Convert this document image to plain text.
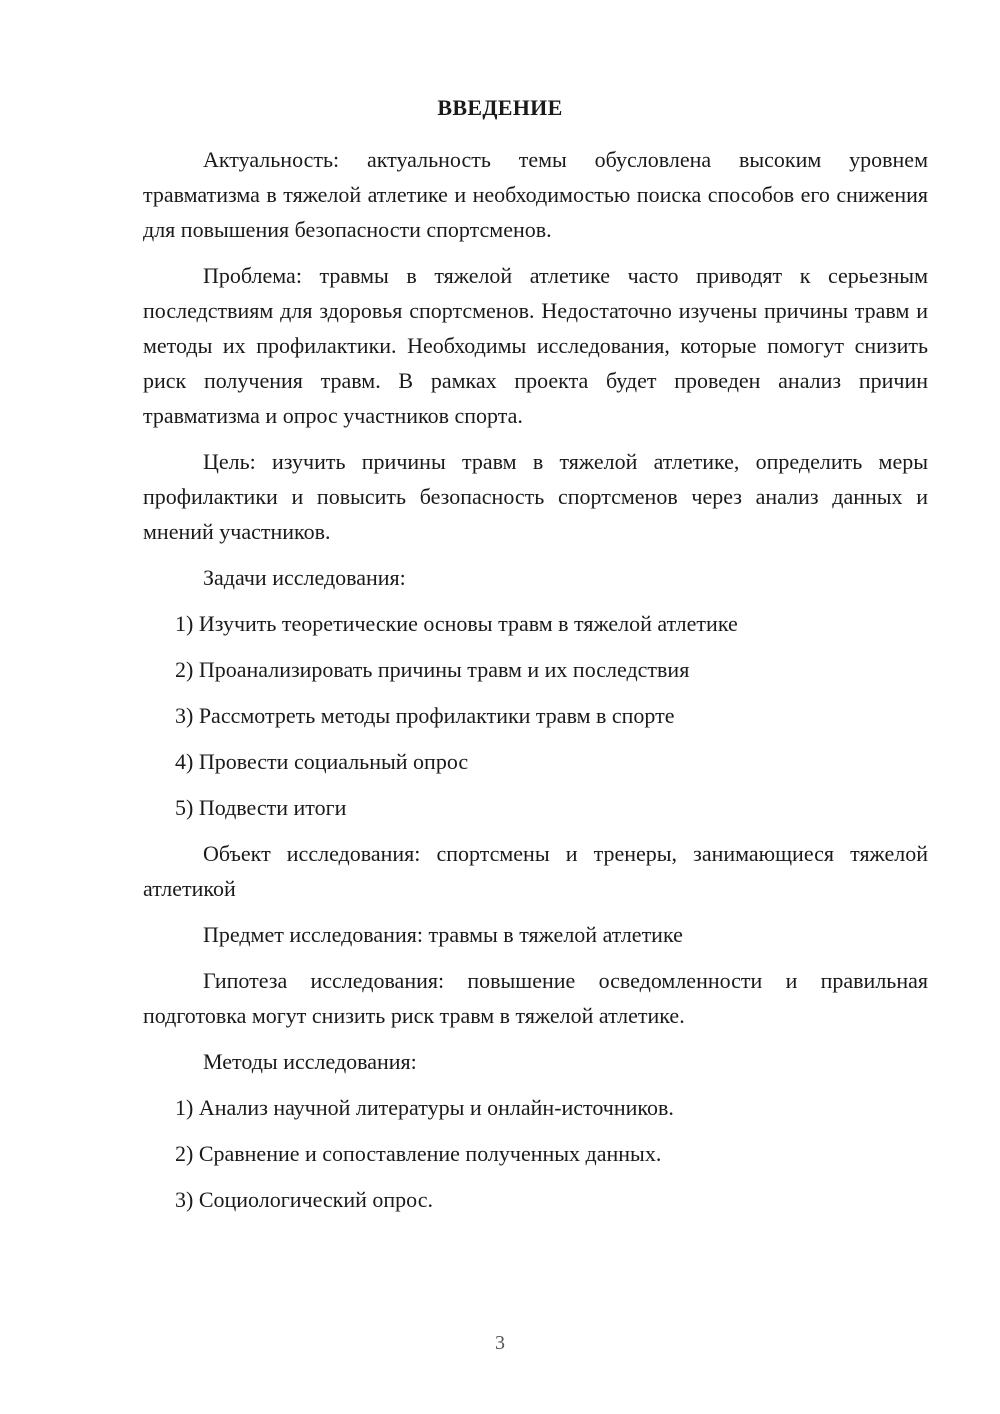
ВВЕДЕНИЕ

Актуальность: актуальность темы обусловлена высоким уровнем травматизма в тяжелой атлетике и необходимостью поиска способов его снижения для повышения безопасности спортсменов.

Проблема: травмы в тяжелой атлетике часто приводят к серьезным последствиям для здоровья спортсменов. Недостаточно изучены причины травм и методы их профилактики. Необходимы исследования, которые помогут снизить риск получения травм. В рамках проекта будет проведен анализ причин травматизма и опрос участников спорта.

Цель: изучить причины травм в тяжелой атлетике, определить меры профилактики и повысить безопасность спортсменов через анализ данных и мнений участников.

Задачи исследования:

1) Изучить теоретические основы травм в тяжелой атлетике

2) Проанализировать причины травм и их последствия

3) Рассмотреть методы профилактики травм в спорте

4) Провести социальный опрос

5) Подвести итоги

Объект исследования: спортсмены и тренеры, занимающиеся тяжелой атлетикой

Предмет исследования: травмы в тяжелой атлетике

Гипотеза исследования: повышение осведомленности и правильная подготовка могут снизить риск травм в тяжелой атлетике.

Методы исследования:

1) Анализ научной литературы и онлайн-источников.

2) Сравнение и сопоставление полученных данных.

3) Социологический опрос.

3
